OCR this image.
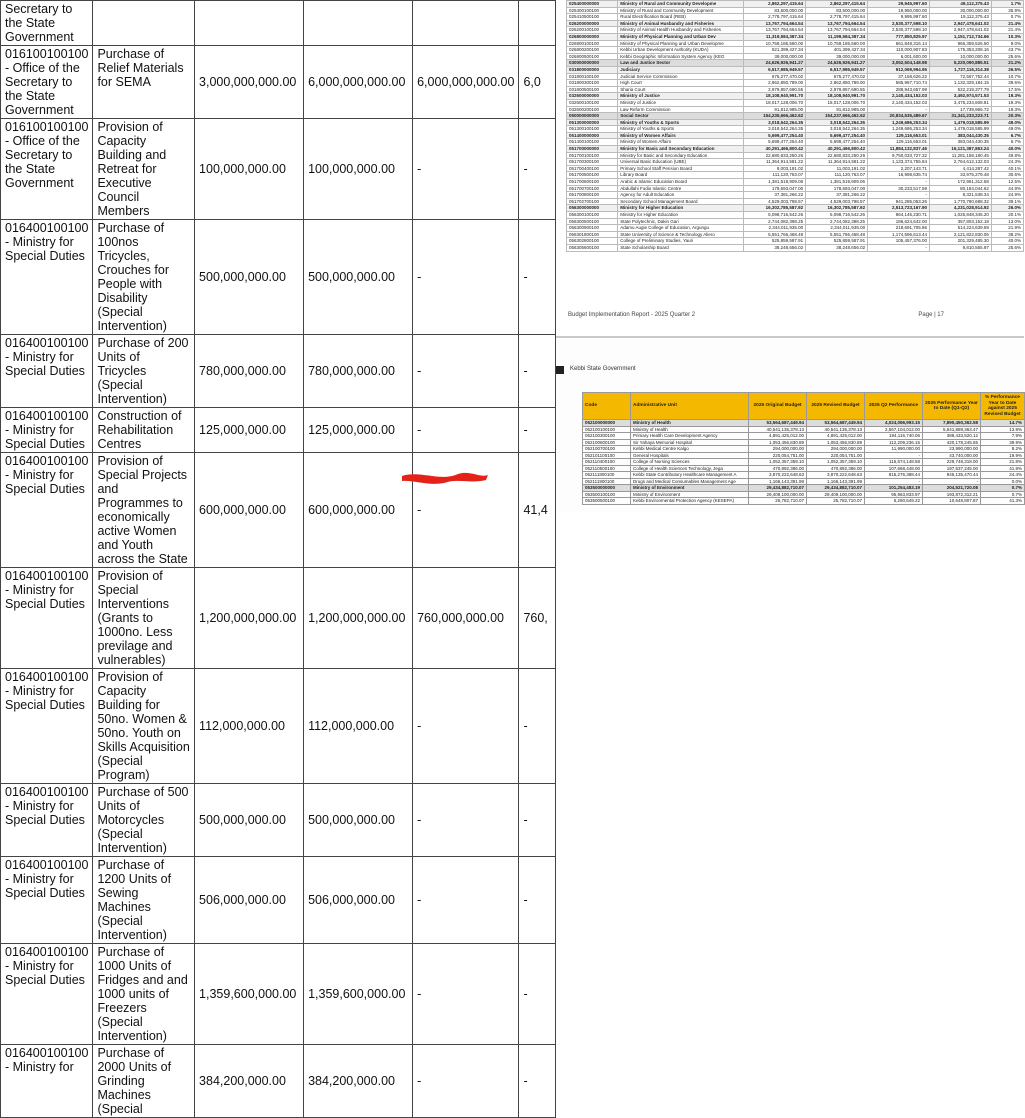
Secretary to the State Government					
016100100100 - Office of the Secretary to the State Government	Purchase of Relief Materials for SEMA	3,000,000,000.00	6,000,000,000.00	6,000,000,000.00	6,0
016100100100 - Office of the Secretary to the State Government	Provision of Capacity Building and Retreat for Executive Council Members	100,000,000.00	100,000,000.00	-	-
016400100100 - Ministry for Special Duties	Purchase of 100nos Tricycles, Crouches for People with Disability (Special Intervention)	500,000,000.00	500,000,000.00	-	-
016400100100 - Ministry for Special Duties	Purchase of 200 Units of Tricycles (Special Intervention)	780,000,000.00	780,000,000.00	-	-
016400100100 - Ministry for Special Duties	Construction of Rehabilitation Centres	125,000,000.00	125,000,000.00	-	-
016400100100 - Ministry for Special Duties	Provision of Special Projects and Programmes to economically active Women and Youth across the State	600,000,000.00	600,000,000.00	-	41,4
016400100100 - Ministry for Special Duties	Provision of Special Interventions (Grants to 1000no. Less previlage and vulnerables)	1,200,000,000.00	1,200,000,000.00	760,000,000.00	760,
016400100100 - Ministry for Special Duties	Provision of Capacity Building for 50no. Women & 50no. Youth on Skills Acquisition (Special Program)	112,000,000.00	112,000,000.00	-	-
016400100100 - Ministry for Special Duties	Purchase of 500 Units of Motorcycles (Special Intervention)	500,000,000.00	500,000,000.00	-	-
016400100100 - Ministry for Special Duties	Purchase of 1200 Units of Sewing Machines (Special Intervention)	506,000,000.00	506,000,000.00	-	-
016400100100 - Ministry for Special Duties	Purchase of 1000 Units of Fridges and and 1000 units of Freezers (Special Intervention)	1,359,600,000.00	1,359,600,000.00	-	-
016400100100 - Ministry for	Purchase of 2000 Units of Grinding Machines (Special	384,200,000.00	384,200,000.00	-	-
025400000000	Ministry of Rural and Community Developme	2,862,297,415.64	2,862,297,415.64	29,945,997.60	49,112,375.43	1.7%
025400100100	Ministry of Rural and Community Development	83,500,000.00	83,500,000.00	19,950,000.00	30,000,000.00	35.9%
025410500100	Rural Electrification Board (REB)	2,778,797,415.64	2,778,797,415.64	9,995,997.60	19,112,375.43	0.7%
026200000000	Ministry of Animal Husbandry and Fisheries	13,767,794,664.54	13,767,794,664.54	2,530,377,598.10	2,947,478,641.02	21.4%
026200100100	Ministry of Animal Health Husbandry and Fisheries	13,767,794,664.54	13,767,794,664.54	2,530,377,598.10	2,947,478,641.02	21.4%
026800000000	Ministry of Physical Planning and Urban Dev	11,319,584,387.34	11,199,584,387.34	777,850,825.97	1,151,712,734.66	10.3%
026800100100	Ministry of Physical Planning and Urban Developme	10,759,185,560.00	10,759,185,560.00	661,848,316.14	966,359,526.50	9.0%
026800200100	Kebbi Urban Development Authority (KUDA)	521,399,427.34	401,399,427.34	110,000,907.83	175,353,208.16	43.7%
026800500100	Kebbi Geographic Information System Agency (KEG	39,000,000.00	39,000,000.00	6,001,600.00	10,000,000.00	25.6%
030000000000	Law and Justice Sector	24,626,926,941.27	24,626,926,941.27	3,052,504,148.98	5,220,090,885.51	21.2%
031800000000	Judiciary	6,517,985,949.57	6,517,985,949.57	912,069,994.95	1,727,116,314.38	26.5%
031800100100	Judicial Service Commission	675,277,470.02	675,277,470.02	37,158,626.22	72,567,752.44	10.7%
031800300100	High Court	2,862,850,789.00	2,862,850,789.00	585,967,710.74	1,132,329,184.15	39.6%
031800500100	Sharia Court	2,979,857,690.55	2,979,857,690.55	288,943,657.99	522,219,377.79	17.5%
032600000000	Ministry of Justice	18,108,940,991.70	18,108,940,991.70	2,140,434,152.03	3,492,974,571.53	19.3%
032600100100	Ministry of Justice	18,017,128,006.70	18,017,128,006.70	2,140,434,152.03	3,475,234,608.81	19.3%
032600200100	Law Reform Commission	91,812,985.00	91,812,985.00	-	17,739,965.72	19.3%
050000000000	Social Sector	154,235,666,462.62	154,237,666,462.62	20,834,535,489.67	31,341,233,223.71	20.3%
051300000000	Ministry of Youths & Sports	3,018,542,264.35	3,018,542,264.35	1,249,686,253.34	1,479,018,585.99	49.0%
051300100100	Ministry of Youths & Sports	3,018,542,264.35	3,018,542,264.35	1,249,686,253.34	1,479,018,585.99	49.0%
051400000000	Ministry of Women Affairs	5,699,477,254.40	5,699,477,254.40	129,116,653.01	383,044,430.35	6.7%
051400100100	Ministry of Women Affairs	5,699,477,254.40	5,699,477,254.40	129,116,653.01	383,044,430.35	6.7%
051700000000	Ministry for Basic and Secondary Education	40,291,466,800.42	40,291,466,800.42	11,884,132,837.46	16,121,387,863.24	40.0%
051700100100	Ministry for Basic and Secondary Education	22,680,833,250.26	22,680,833,250.26	9,750,033,727.32	11,281,158,180.45	49.8%
051700300100	Universal Basic Education (UBE)	11,364,914,581.22	11,364,914,581.22	1,133,374,755.84	2,764,612,132.03	24.3%
051700400100	Primary School Staff Pension Board	9,003,191.02	11,003,191.02	2,207,143.71	4,414,287.42	40.1%
051700500100	Library Board	111,120,763.07	111,120,763.07	16,998,635.74	33,975,279.48	30.6%
051700600100	Arabic & Islamic Education Board	1,381,519,909.06	1,381,519,909.06	-	172,961,312.58	12.5%
051700700100	Abdullahi Fodio Islamic Centre	178,693,047.00	178,693,047.00	30,233,517.59	80,184,044.62	44.9%
051700800100	Agency for Adult Education	37,381,266.22	37,381,266.22	-	8,321,538.34	24.9%
051702700100	Secondary School Management Board	4,529,003,798.57	4,529,003,798.57	941,285,053.26	1,770,780,688.32	39.1%
056300000000	Ministry for Higher Education	16,302,785,587.92	16,302,785,587.92	2,513,723,167.90	4,231,028,914.92	26.0%
056300100100	Ministry for Higher Education	5,098,716,542.26	5,098,716,542.26	864,145,230.71	1,025,848,345.20	20.1%
056300500100	State Polytechnic, Dakin Gari	2,744,082,398.25	2,744,082,398.25	186,624,642.00	357,803,152.18	13.0%
056300900100	Adamu Augie College of Education, Argungu	2,344,011,935.00	2,344,011,935.00	218,691,705.86	514,224,639.69	21.9%
056301800100	State University of Science & Technology Aliero	5,551,766,468.48	5,551,766,468.48	1,174,596,613.44	2,121,822,830.06	38.2%
056302800100	College of Preliminary Studies, Yauri	525,859,587.91	525,859,587.91	105,457,376.00	201,329,485.30	40.0%
056305600100	State Scholarship Board	38,248,656.02	38,248,656.02	-	9,810,565.97	25.6%
Budget Implementation Report - 2025 Quarter 2	Page | 17
Kebbi State Government
Code	Administrative Unit	2025 Original Budget	2025 Revised Budget	2025 Q2 Performance	2025 Performance Year to Date (Q1-Q2)	% Performance Year to Date against 2025 Revised Budget
052100000000	Ministry of Health	53,564,687,449.94	53,564,687,449.94	4,024,056,993.15	7,890,450,362.58	14.7%
052100100100	Ministry of Health	40,541,135,378.13	40,541,135,378.13	2,567,104,012.00	5,641,889,363.47	13.9%
052100300100	Primary Health Care Development Agency	4,891,425,012.00	4,891,425,012.00	194,116,740.06	388,433,520.12	7.9%
052100600100	Sir Yahaya Memorial Hospital	1,053,456,830.89	1,053,456,830.89	112,209,236.15	420,178,245.55	39.9%
052100700100	Kebbi Medical Centre Kalgo	294,000,000.00	294,000,000.00	11,990,000.00	23,990,000.00	8.2%
052101100100	General Hospitals	220,054,751.00	220,054,751.00	-	43,740,000.00	19.9%
052110400100	College of Nursing Sciences	1,052,357,359.10	1,052,357,359.10	115,574,148.58	229,748,318.00	21.8%
052110500100	College of Health Sciences Technology, Jega	470,892,386.00	470,892,386.00	107,668,448.00	197,537,245.00	41.9%
052111800100	Kebbi State Contributory Healthcare Management A	3,870,222,648.63	3,870,222,648.63	815,276,388.44	945,135,470.44	24.4%
052111900100	Drugs and Medical Consumables Management Age	1,166,143,391.99	1,166,143,391.99	-	-	0.0%
053500000000	Ministry of Environment	29,434,882,710.07	29,434,882,710.07	101,254,483.19	204,521,720.08	0.7%
053500100100	Ministry of Environment	29,409,100,000.00	29,409,100,000.00	95,963,833.97	193,872,312.21	0.7%
053500500100	Kebbi Environmental Protection Agency (KESEPA)	25,782,710.07	25,782,710.07	5,290,649.22	10,648,807.87	41.3%
